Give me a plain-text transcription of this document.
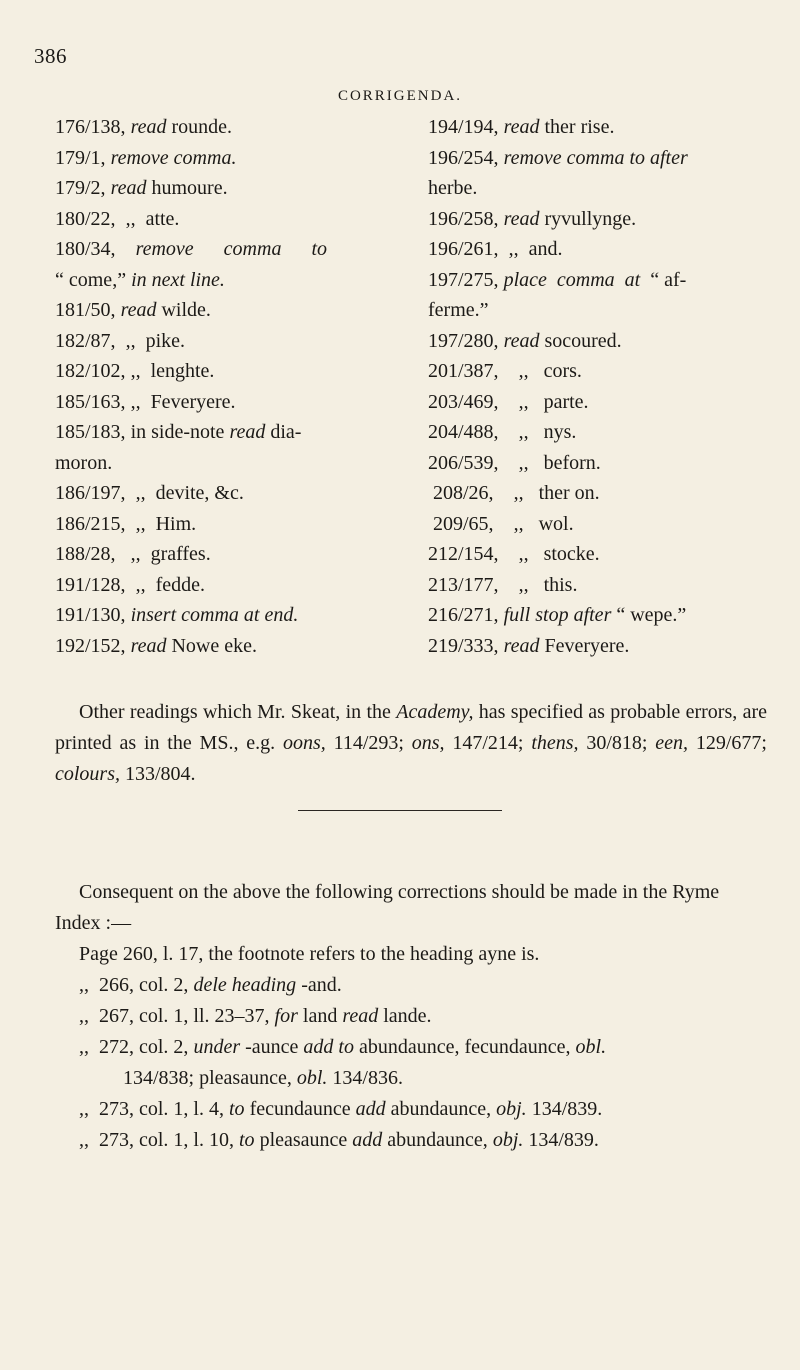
386
CORRIGENDA.
176/138, read rounde.
179/1, remove comma.
179/2, read humoure.
180/22,  ,,  atte.
180/34, remove      comma      to
“ come,” in next line.
181/50, read wilde.
182/87,  ,,  pike.
182/102, ,,  lenghte.
185/163, ,,  Feveryere.
185/183, in side-note read dia-
moron.
186/197,  ,,  devite, &c.
186/215,  ,,  Him.
188/28,   ,,  graffes.
191/128,  ,,  fedde.
191/130, insert comma at end.
192/152, read Nowe eke.
194/194, read ther rise.
196/254, remove comma to after
herbe.
196/258, read ryvullynge.
196/261,  ,,  and.
197/275, place  comma  at  “ af-
ferme.”
197/280, read socoured.
201/387,    ,,   cors.
203/469,    ,,   parte.
204/488,    ,,   nys.
206/539,    ,,   beforn.
208/26,    ,,   ther on.
209/65,    ,,   wol.
212/154,    ,,   stocke.
213/177,    ,,   this.
216/271, full stop after “ wepe.”
219/333, read Feveryere.
Other readings which Mr. Skeat, in the Academy, has specified as probable errors, are printed as in the MS., e.g. oons, 114/293; ons, 147/214; thens, 30/818; een, 129/677; colours, 133/804.
Consequent on the above the following corrections should be made in the Ryme Index :—
Page 260, l. 17, the footnote refers to the heading ayne is.
,,  266, col. 2, dele heading -and.
,,  267, col. 1, ll. 23–37, for land read lande.
,,  272, col. 2, under -aunce add to abundaunce, fecundaunce, obl.
134/838; pleasaunce, obl. 134/836.
,,  273, col. 1, l. 4, to fecundaunce add abundaunce, obj. 134/839.
,,  273, col. 1, l. 10, to pleasaunce add abundaunce, obj. 134/839.
